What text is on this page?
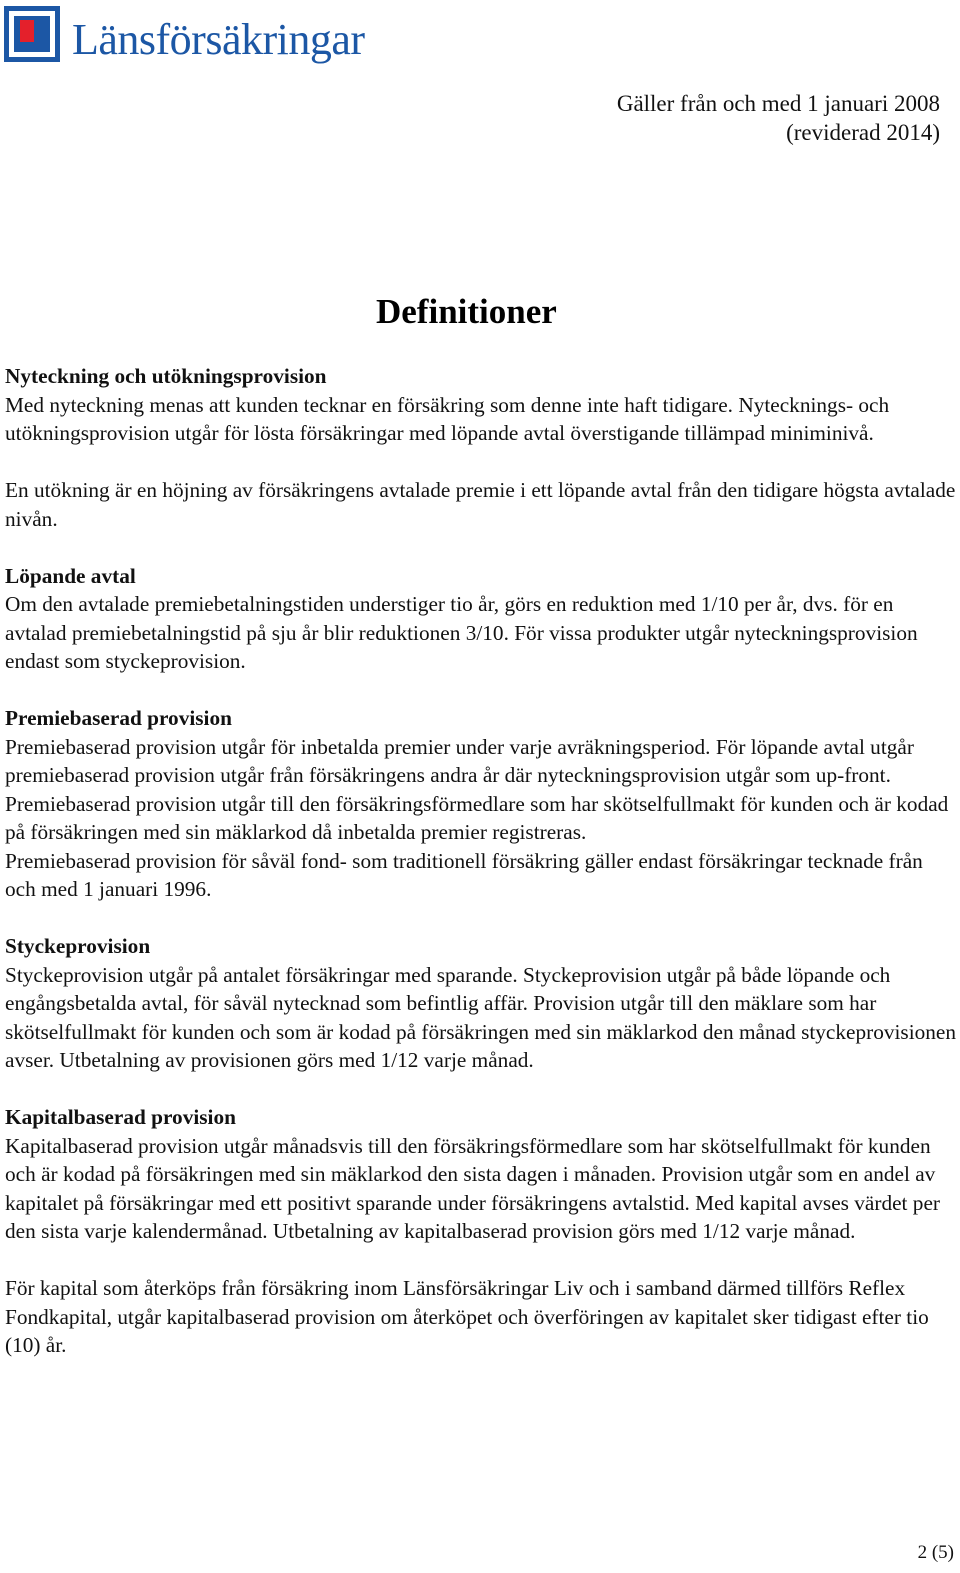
Länsförsäkringar
Gäller från och med 1 januari 2008
(reviderad 2014)
Definitioner
Nyteckning och utökningsprovision

Med nyteckning menas att kunden tecknar en försäkring som denne inte haft tidigare. Nytecknings- och utökningsprovision utgår för lösta försäkringar med löpande avtal överstigande tillämpad miniminivå.

En utökning är en höjning av försäkringens avtalade premie i ett löpande avtal från den tidigare högsta avtalade nivån.

Löpande avtal

Om den avtalade premiebetalningstiden understiger tio år, görs en reduktion med 1/10 per år, dvs. för en avtalad premiebetalningstid på sju år blir reduktionen 3/10. För vissa produkter utgår nyteckningsprovision endast som styckeprovision.

Premiebaserad provision

Premiebaserad provision utgår för inbetalda premier under varje avräkningsperiod. För löpande avtal utgår premiebaserad provision utgår från försäkringens andra år där nyteckningsprovision utgår som up-front. Premiebaserad provision utgår till den försäkringsförmedlare som har skötselfullmakt för kunden och är kodad på försäkringen med sin mäklarkod då inbetalda premier registreras.

Premiebaserad provision för såväl fond- som traditionell försäkring gäller endast försäkringar tecknade från och med 1 januari 1996.

Styckeprovision

Styckeprovision utgår på antalet försäkringar med sparande. Styckeprovision utgår på både löpande och engångsbetalda avtal, för såväl nytecknad som befintlig affär. Provision utgår till den mäklare som har skötselfullmakt för kunden och som är kodad på försäkringen med sin mäklarkod den månad styckeprovisionen avser. Utbetalning av provisionen görs med 1/12 varje månad.

Kapitalbaserad provision

Kapitalbaserad provision utgår månadsvis till den försäkringsförmedlare som har skötselfullmakt för kunden och är kodad på försäkringen med sin mäklarkod den sista dagen i månaden. Provision utgår som en andel av kapitalet på försäkringar med ett positivt sparande under försäkringens avtalstid. Med kapital avses värdet per den sista varje kalendermånad. Utbetalning av kapitalbaserad provision görs med 1/12 varje månad.

För kapital som återköps från försäkring inom Länsförsäkringar Liv och i samband därmed tillförs Reflex Fondkapital, utgår kapitalbaserad provision om återköpet och överföringen av kapitalet sker tidigast efter tio (10) år.

2 (5)
